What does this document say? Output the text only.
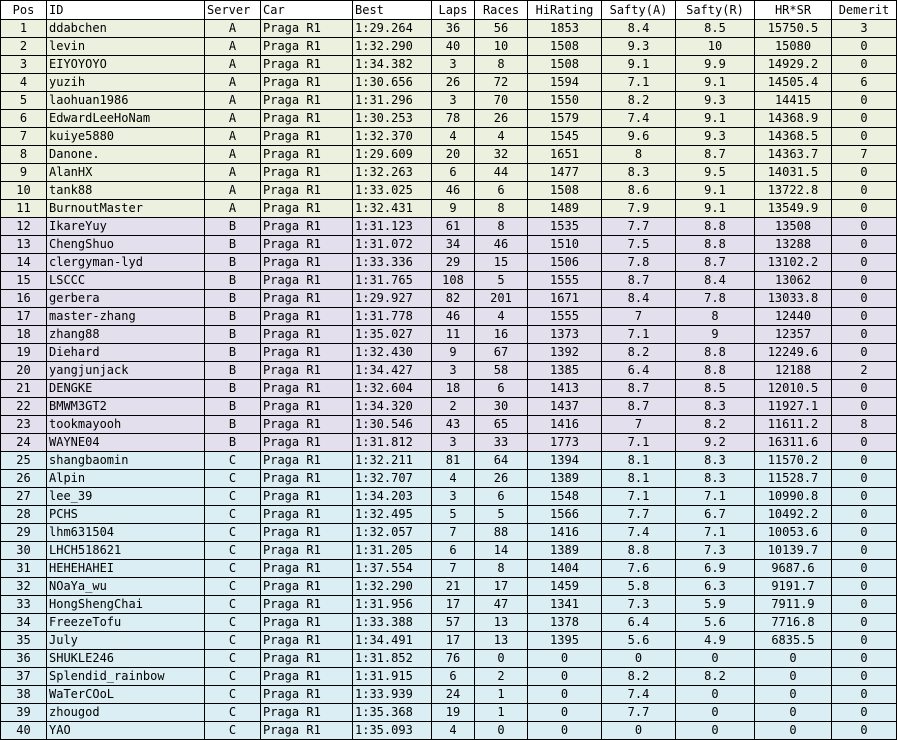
Pos	ID	Server	Car	Best	Laps	Races	HiRating	Safty(A)	Safty(R)	HR*SR	Demerit
1	ddabchen	A	Praga R1	1:29.264	36	56	1853	8.4	8.5	15750.5	3
2	levin	A	Praga R1	1:32.290	40	10	1508	9.3	10	15080	0
3	EIYOYOYO	A	Praga R1	1:34.382	3	8	1508	9.1	9.9	14929.2	0
4	yuzih	A	Praga R1	1:30.656	26	72	1594	7.1	9.1	14505.4	6
5	laohuan1986	A	Praga R1	1:31.296	3	70	1550	8.2	9.3	14415	0
6	EdwardLeeHoNam	A	Praga R1	1:30.253	78	26	1579	7.4	9.1	14368.9	0
7	kuiye5880	A	Praga R1	1:32.370	4	4	1545	9.6	9.3	14368.5	0
8	Danone.	A	Praga R1	1:29.609	20	32	1651	8	8.7	14363.7	7
9	AlanHX	A	Praga R1	1:32.263	6	44	1477	8.3	9.5	14031.5	0
10	tank88	A	Praga R1	1:33.025	46	6	1508	8.6	9.1	13722.8	0
11	BurnoutMaster	A	Praga R1	1:32.431	9	8	1489	7.9	9.1	13549.9	0
12	IkareYuy	B	Praga R1	1:31.123	61	8	1535	7.7	8.8	13508	0
13	ChengShuo	B	Praga R1	1:31.072	34	46	1510	7.5	8.8	13288	0
14	clergyman-lyd	B	Praga R1	1:33.336	29	15	1506	7.8	8.7	13102.2	0
15	LSCCC	B	Praga R1	1:31.765	108	5	1555	8.7	8.4	13062	0
16	gerbera	B	Praga R1	1:29.927	82	201	1671	8.4	7.8	13033.8	0
17	master-zhang	B	Praga R1	1:31.778	46	4	1555	7	8	12440	0
18	zhang88	B	Praga R1	1:35.027	11	16	1373	7.1	9	12357	0
19	Diehard	B	Praga R1	1:32.430	9	67	1392	8.2	8.8	12249.6	0
20	yangjunjack	B	Praga R1	1:34.427	3	58	1385	6.4	8.8	12188	2
21	DENGKE	B	Praga R1	1:32.604	18	6	1413	8.7	8.5	12010.5	0
22	BMWM3GT2	B	Praga R1	1:34.320	2	30	1437	8.7	8.3	11927.1	0
23	tookmayooh	B	Praga R1	1:30.546	43	65	1416	7	8.2	11611.2	8
24	WAYNE04	B	Praga R1	1:31.812	3	33	1773	7.1	9.2	16311.6	0
25	shangbaomin	C	Praga R1	1:32.211	81	64	1394	8.1	8.3	11570.2	0
26	Alpin	C	Praga R1	1:32.707	4	26	1389	8.1	8.3	11528.7	0
27	lee_39	C	Praga R1	1:34.203	3	6	1548	7.1	7.1	10990.8	0
28	PCHS	C	Praga R1	1:32.495	5	5	1566	7.7	6.7	10492.2	0
29	lhm631504	C	Praga R1	1:32.057	7	88	1416	7.4	7.1	10053.6	0
30	LHCH518621	C	Praga R1	1:31.205	6	14	1389	8.8	7.3	10139.7	0
31	HEHEHAHEI	C	Praga R1	1:37.554	7	8	1404	7.6	6.9	9687.6	0
32	NOaYa_wu	C	Praga R1	1:32.290	21	17	1459	5.8	6.3	9191.7	0
33	HongShengChai	C	Praga R1	1:31.956	17	47	1341	7.3	5.9	7911.9	0
34	FreezeTofu	C	Praga R1	1:33.388	57	13	1378	6.4	5.6	7716.8	0
35	July	C	Praga R1	1:34.491	17	13	1395	5.6	4.9	6835.5	0
36	SHUKLE246	C	Praga R1	1:31.852	76	0	0	0	0	0	0
37	Splendid_rainbow	C	Praga R1	1:31.915	6	2	0	8.2	8.2	0	0
38	WaTerCOoL	C	Praga R1	1:33.939	24	1	0	7.4	0	0	0
39	zhougod	C	Praga R1	1:35.368	19	1	0	7.7	0	0	0
40	YAO	C	Praga R1	1:35.093	4	0	0	0	0	0	0
